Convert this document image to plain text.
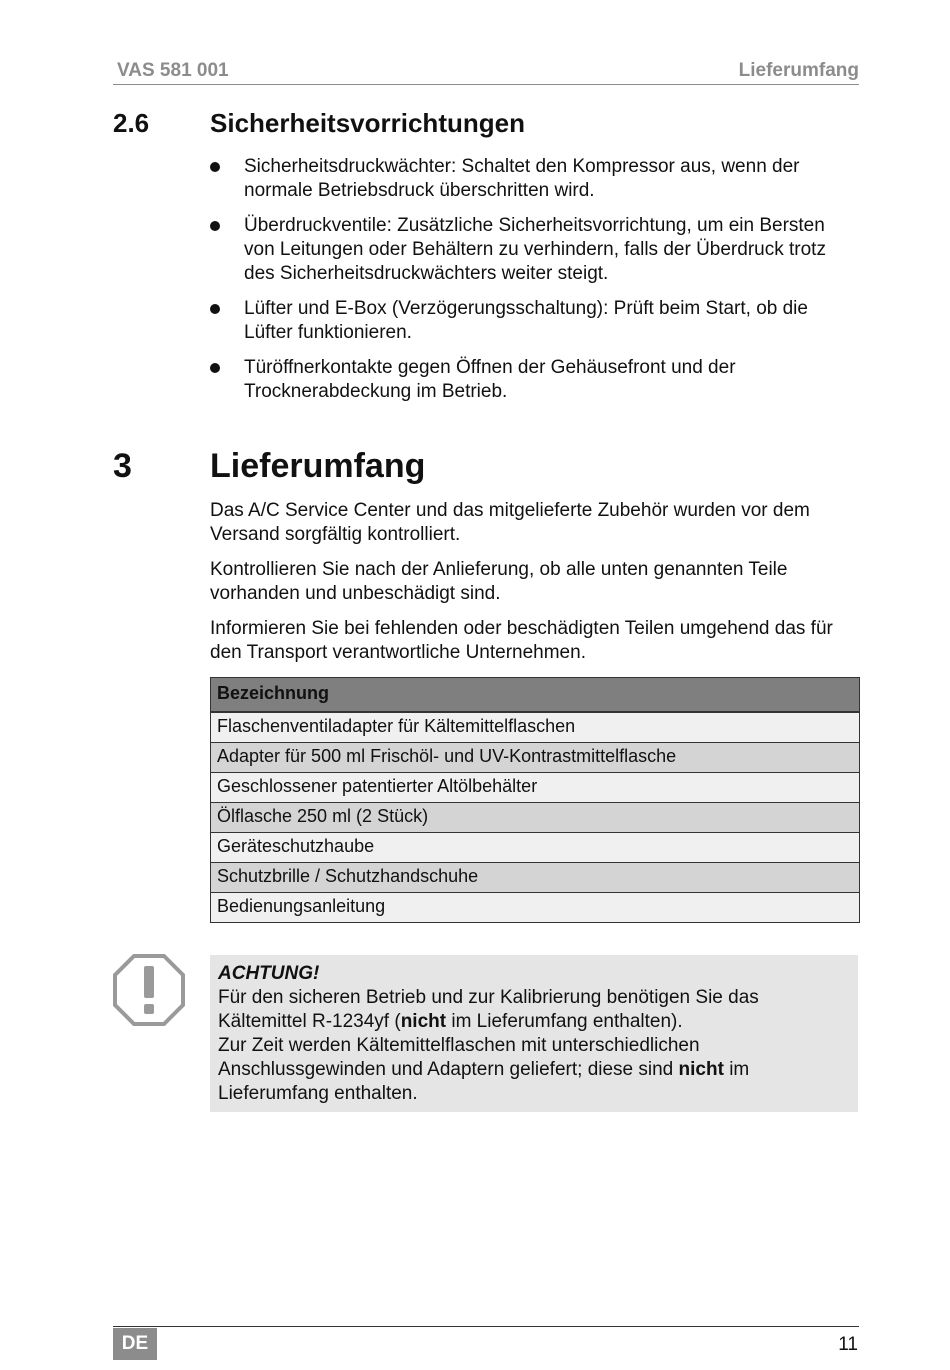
VAS 581 001	Lieferumfang
2.6 Sicherheitsvorrichtungen
Sicherheitsdruckwächter: Schaltet den Kompressor aus, wenn der normale Betriebsdruck überschritten wird.
Überdruckventile: Zusätzliche Sicherheitsvorrichtung, um ein Bersten von Leitungen oder Behältern zu verhindern, falls der Überdruck trotz des Sicherheitsdruckwächters weiter steigt.
Lüfter und E-Box (Verzögerungsschaltung): Prüft beim Start, ob die Lüfter funktionieren.
Türöffnerkontakte gegen Öffnen der Gehäusefront und der Trocknerabdeckung im Betrieb.
3 Lieferumfang

Das A/C Service Center und das mitgelieferte Zubehör wurden vor dem Versand sorgfältig kontrolliert.

Kontrollieren Sie nach der Anlieferung, ob alle unten genannten Teile vorhanden und unbeschädigt sind.

Informieren Sie bei fehlenden oder beschädigten Teilen umgehend das für den Transport verantwortliche Unternehmen.

Bezeichnung
Flaschenventiladapter für Kältemittelflaschen
Adapter für 500 ml Frischöl- und UV-Kontrastmittelflasche
Geschlossener patentierter Altölbehälter
Ölflasche 250 ml (2 Stück)
Geräteschutzhaube
Schutzbrille / Schutzhandschuhe
Bedienungsanleitung
ACHTUNG!
Für den sicheren Betrieb und zur Kalibrierung benötigen Sie das Kältemittel R-1234yf (nicht im Lieferumfang enthalten).
Zur Zeit werden Kältemittelflaschen mit unterschiedlichen Anschlussgewinden und Adaptern geliefert; diese sind nicht im Lieferumfang enthalten.
DE	11
